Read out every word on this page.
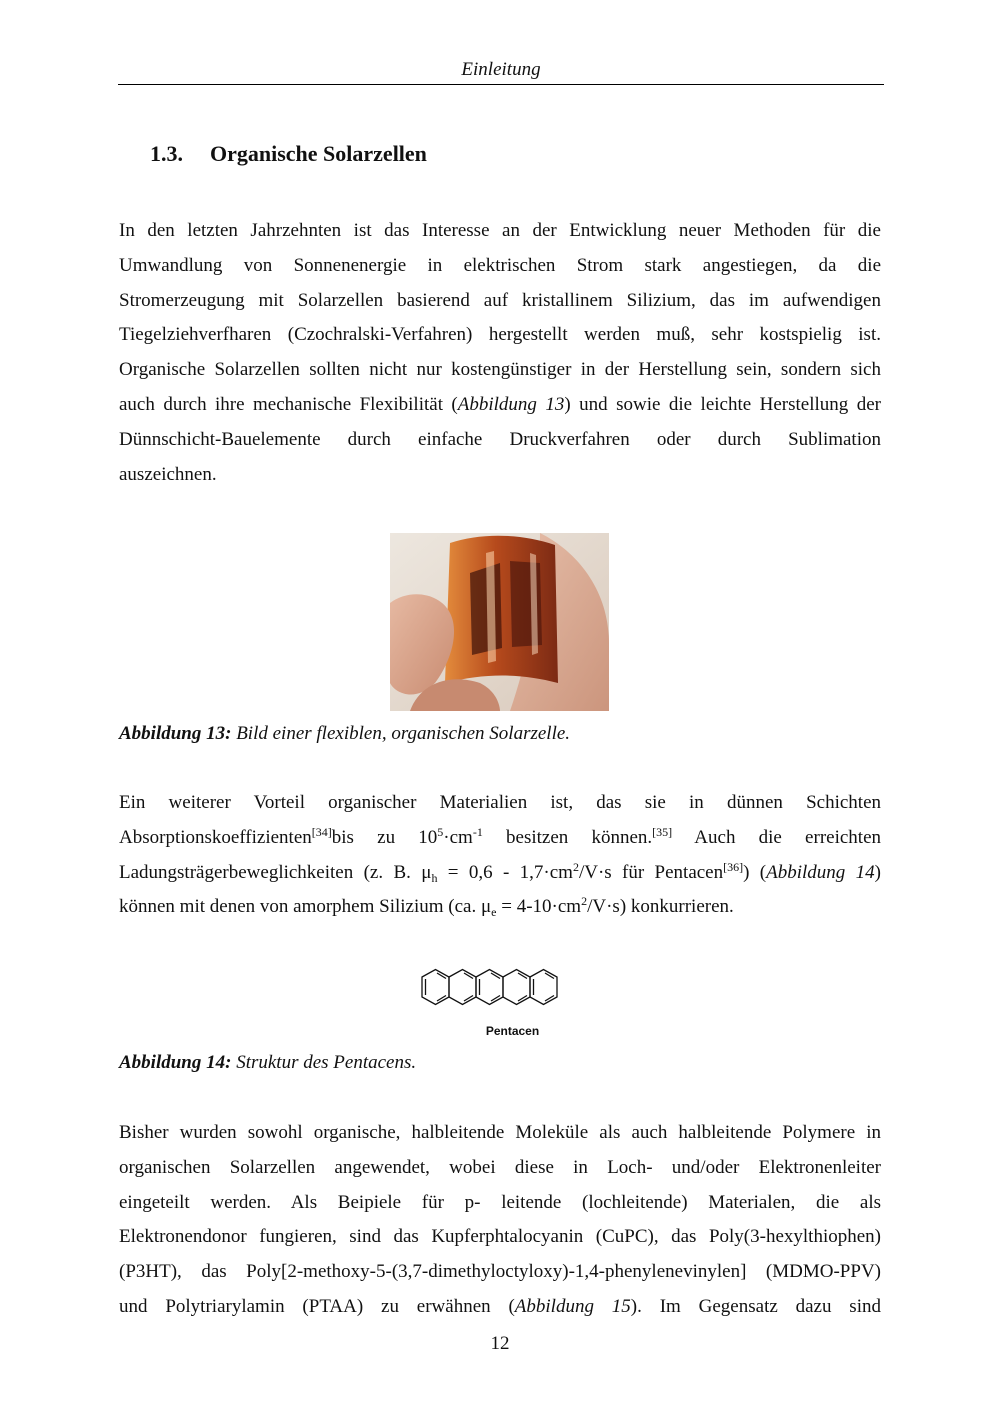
Einleitung
1.3. Organische Solarzellen
In den letzten Jahrzehnten ist das Interesse an der Entwicklung neuer Methoden für die
Umwandlung von Sonnenenergie in elektrischen Strom stark angestiegen, da die
Stromerzeugung mit Solarzellen basierend auf kristallinem Silizium, das im aufwendigen
Tiegelziehverfharen (Czochralski-Verfahren) hergestellt werden muß, sehr kostspielig ist.
Organische Solarzellen sollten nicht nur kostengünstiger in der Herstellung sein, sondern sich
auch durch ihre mechanische Flexibilität (Abbildung 13) und sowie die leichte Herstellung der
Dünnschicht-Bauelemente durch einfache Druckverfahren oder durch Sublimation
auszeichnen.
Abbildung 13: Bild einer flexiblen, organischen Solarzelle.
Ein weiterer Vorteil organischer Materialien ist, das sie in dünnen Schichten
Absorptionskoeffizienten[34]bis zu $10^5\cdot cm^{-1}$ besitzen können.[35] Auch die erreichten
Ladungsträgerbeweglichkeiten (z. B. $\mu_h = 0,6 - 1,7\cdot cm^2/V\cdot s$ für Pentacen[36]) (Abbildung 14)
können mit denen von amorphem Silizium (ca. $\mu_e = 4-10\cdot cm^2/V\cdot s$) konkurrieren.
Pentacen
Abbildung 14: Struktur des Pentacens.
Bisher wurden sowohl organische, halbleitende Moleküle als auch halbleitende Polymere in
organischen Solarzellen angewendet, wobei diese in Loch- und/oder Elektronenleiter
eingeteilt werden. Als Beipiele für p- leitende (lochleitende) Materialen, die als
Elektronendonor fungieren, sind das Kupferphtalocyanin (CuPC), das Poly(3-hexylthiophen)
(P3HT), das Poly[2-methoxy-5-(3,7-dimethyloctyloxy)-1,4-phenylenevinylen] (MDMO-PPV)
und Polytriarylamin (PTAA) zu erwähnen (Abbildung 15). Im Gegensatz dazu sind
12
